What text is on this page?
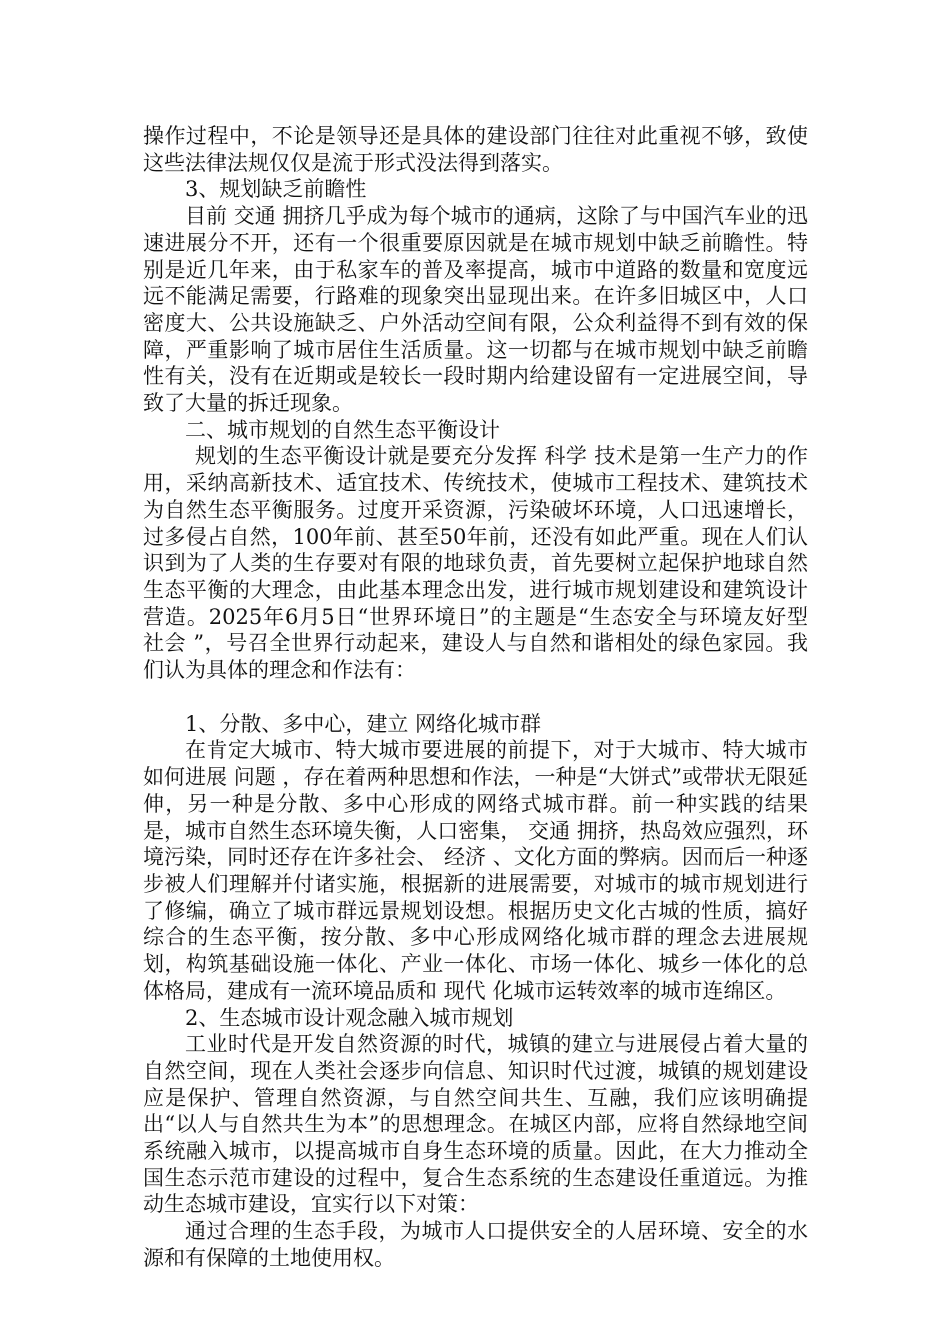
操作过程中，不论是领导还是具体的建设部门往往对此重视不够，致使这些法律法规仅仅是流于形式没法得到落实。

3、规划缺乏前瞻性

目前 交通 拥挤几乎成为每个城市的通病，这除了与中国汽车业的迅速进展分不开，还有一个很重要原因就是在城市规划中缺乏前瞻性。特别是近几年来，由于私家车的普及率提高，城市中道路的数量和宽度远远不能满足需要，行路难的现象突出显现出来。在许多旧城区中，人口密度大、公共设施缺乏、户外活动空间有限，公众利益得不到有效的保障，严重影响了城市居住生活质量。这一切都与在城市规划中缺乏前瞻性有关，没有在近期或是较长一段时期内给建设留有一定进展空间，导致了大量的拆迁现象。

二、城市规划的自然生态平衡设计

规划的生态平衡设计就是要充分发挥 科学 技术是第一生产力的作用，采纳高新技术、适宜技术、传统技术，使城市工程技术、建筑技术为自然生态平衡服务。过度开采资源，污染破坏环境，人口迅速增长，过多侵占自然，100年前、甚至50年前，还没有如此严重。现在人们认识到为了人类的生存要对有限的地球负责，首先要树立起保护地球自然生态平衡的大理念，由此基本理念出发，进行城市规划建设和建筑设计营造。2025年6月5日“世界环境日”的主题是“生态安全与环境友好型 社会 ”，号召全世界行动起来，建设人与自然和谐相处的绿色家园。我们认为具体的理念和作法有：

1、分散、多中心，建立 网络化城市群

在肯定大城市、特大城市要进展的前提下，对于大城市、特大城市如何进展 问题 ，存在着两种思想和作法，一种是“大饼式”或带状无限延伸，另一种是分散、多中心形成的网络式城市群。前一种实践的结果是，城市自然生态环境失衡，人口密集， 交通 拥挤，热岛效应强烈，环境污染，同时还存在许多社会、 经济 、文化方面的弊病。因而后一种逐步被人们理解并付诸实施，根据新的进展需要，对城市的城市规划进行了修编，确立了城市群远景规划设想。根据历史文化古城的性质，搞好综合的生态平衡，按分散、多中心形成网络化城市群的理念去进展规划，构筑基础设施一体化、产业一体化、市场一体化、城乡一体化的总体格局，建成有一流环境品质和 现代 化城市运转效率的城市连绵区。

2、生态城市设计观念融入城市规划

工业时代是开发自然资源的时代，城镇的建立与进展侵占着大量的自然空间，现在人类社会逐步向信息、知识时代过渡，城镇的规划建设应是保护、管理自然资源，与自然空间共生、互融，我们应该明确提出“以人与自然共生为本”的思想理念。在城区内部，应将自然绿地空间系统融入城市，以提高城市自身生态环境的质量。因此，在大力推动全国生态示范市建设的过程中，复合生态系统的生态建设任重道远。为推动生态城市建设，宜实行以下对策：

通过合理的生态手段，为城市人口提供安全的人居环境、安全的水源和有保障的土地使用权。
